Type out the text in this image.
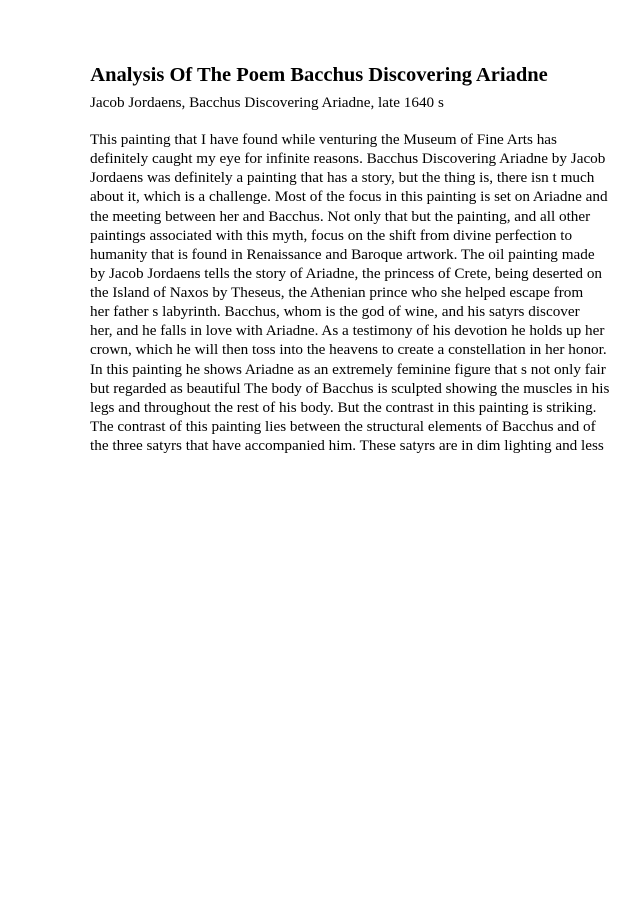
Analysis Of The Poem Bacchus Discovering Ariadne

Jacob Jordaens, Bacchus Discovering Ariadne, late 1640 s

This painting that I have found while venturing the Museum of Fine Arts has
definitely caught my eye for infinite reasons. Bacchus Discovering Ariadne by Jacob
Jordaens was definitely a painting that has a story, but the thing is, there isn t much
about it, which is a challenge. Most of the focus in this painting is set on Ariadne and
the meeting between her and Bacchus. Not only that but the painting, and all other
paintings associated with this myth, focus on the shift from divine perfection to
humanity that is found in Renaissance and Baroque artwork. The oil painting made
by Jacob Jordaens tells the story of Ariadne, the princess of Crete, being deserted on
the Island of Naxos by Theseus, the Athenian prince who she helped escape from
her father s labyrinth. Bacchus, whom is the god of wine, and his satyrs discover
her, and he falls in love with Ariadne. As a testimony of his devotion he holds up her
crown, which he will then toss into the heavens to create a constellation in her honor.
In this painting he shows Ariadne as an extremely feminine figure that s not only fair
but regarded as beautiful The body of Bacchus is sculpted showing the muscles in his
legs and throughout the rest of his body. But the contrast in this painting is striking.
The contrast of this painting lies between the structural elements of Bacchus and of
the three satyrs that have accompanied him. These satyrs are in dim lighting and less
